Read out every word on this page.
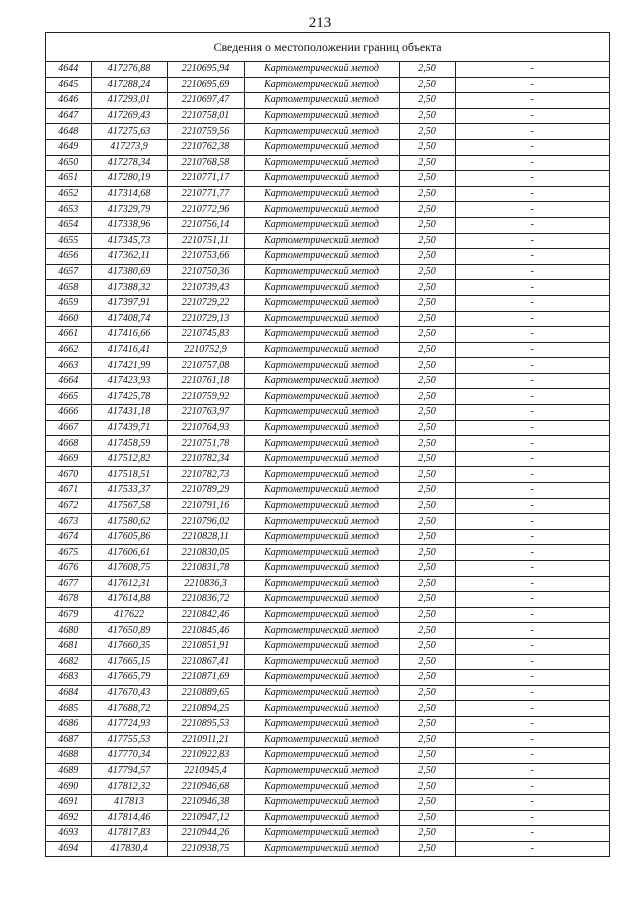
213
Сведения о местоположении границ объекта
4644	417276,88	2210695,94	Картометрический метод	2,50	-
4645	417288,24	2210695,69	Картометрический метод	2,50	-
4646	417293,01	2210697,47	Картометрический метод	2,50	-
4647	417269,43	2210758,01	Картометрический метод	2,50	-
4648	417275,63	2210759,56	Картометрический метод	2,50	-
4649	417273,9	2210762,38	Картометрический метод	2,50	-
4650	417278,34	2210768,58	Картометрический метод	2,50	-
4651	417280,19	2210771,17	Картометрический метод	2,50	-
4652	417314,68	2210771,77	Картометрический метод	2,50	-
4653	417329,79	2210772,96	Картометрический метод	2,50	-
4654	417338,96	2210756,14	Картометрический метод	2,50	-
4655	417345,73	2210751,11	Картометрический метод	2,50	-
4656	417362,11	2210753,66	Картометрический метод	2,50	-
4657	417380,69	2210750,36	Картометрический метод	2,50	-
4658	417388,32	2210739,43	Картометрический метод	2,50	-
4659	417397,91	2210729,22	Картометрический метод	2,50	-
4660	417408,74	2210729,13	Картометрический метод	2,50	-
4661	417416,66	2210745,83	Картометрический метод	2,50	-
4662	417416,41	2210752,9	Картометрический метод	2,50	-
4663	417421,99	2210757,08	Картометрический метод	2,50	-
4664	417423,93	2210761,18	Картометрический метод	2,50	-
4665	417425,78	2210759,92	Картометрический метод	2,50	-
4666	417431,18	2210763,97	Картометрический метод	2,50	-
4667	417439,71	2210764,93	Картометрический метод	2,50	-
4668	417458,59	2210751,78	Картометрический метод	2,50	-
4669	417512,82	2210782,34	Картометрический метод	2,50	-
4670	417518,51	2210782,73	Картометрический метод	2,50	-
4671	417533,37	2210789,29	Картометрический метод	2,50	-
4672	417567,58	2210791,16	Картометрический метод	2,50	-
4673	417580,62	2210796,02	Картометрический метод	2,50	-
4674	417605,86	2210828,11	Картометрический метод	2,50	-
4675	417606,61	2210830,05	Картометрический метод	2,50	-
4676	417608,75	2210831,78	Картометрический метод	2,50	-
4677	417612,31	2210836,3	Картометрический метод	2,50	-
4678	417614,88	2210836,72	Картометрический метод	2,50	-
4679	417622	2210842,46	Картометрический метод	2,50	-
4680	417650,89	2210845,46	Картометрический метод	2,50	-
4681	417660,35	2210851,91	Картометрический метод	2,50	-
4682	417665,15	2210867,41	Картометрический метод	2,50	-
4683	417665,79	2210871,69	Картометрический метод	2,50	-
4684	417670,43	2210889,65	Картометрический метод	2,50	-
4685	417688,72	2210894,25	Картометрический метод	2,50	-
4686	417724,93	2210895,53	Картометрический метод	2,50	-
4687	417755,53	2210911,21	Картометрический метод	2,50	-
4688	417770,34	2210922,83	Картометрический метод	2,50	-
4689	417794,57	2210945,4	Картометрический метод	2,50	-
4690	417812,32	2210946,68	Картометрический метод	2,50	-
4691	417813	2210946,38	Картометрический метод	2,50	-
4692	417814,46	2210947,12	Картометрический метод	2,50	-
4693	417817,83	2210944,26	Картометрический метод	2,50	-
4694	417830,4	2210938,75	Картометрический метод	2,50	-
